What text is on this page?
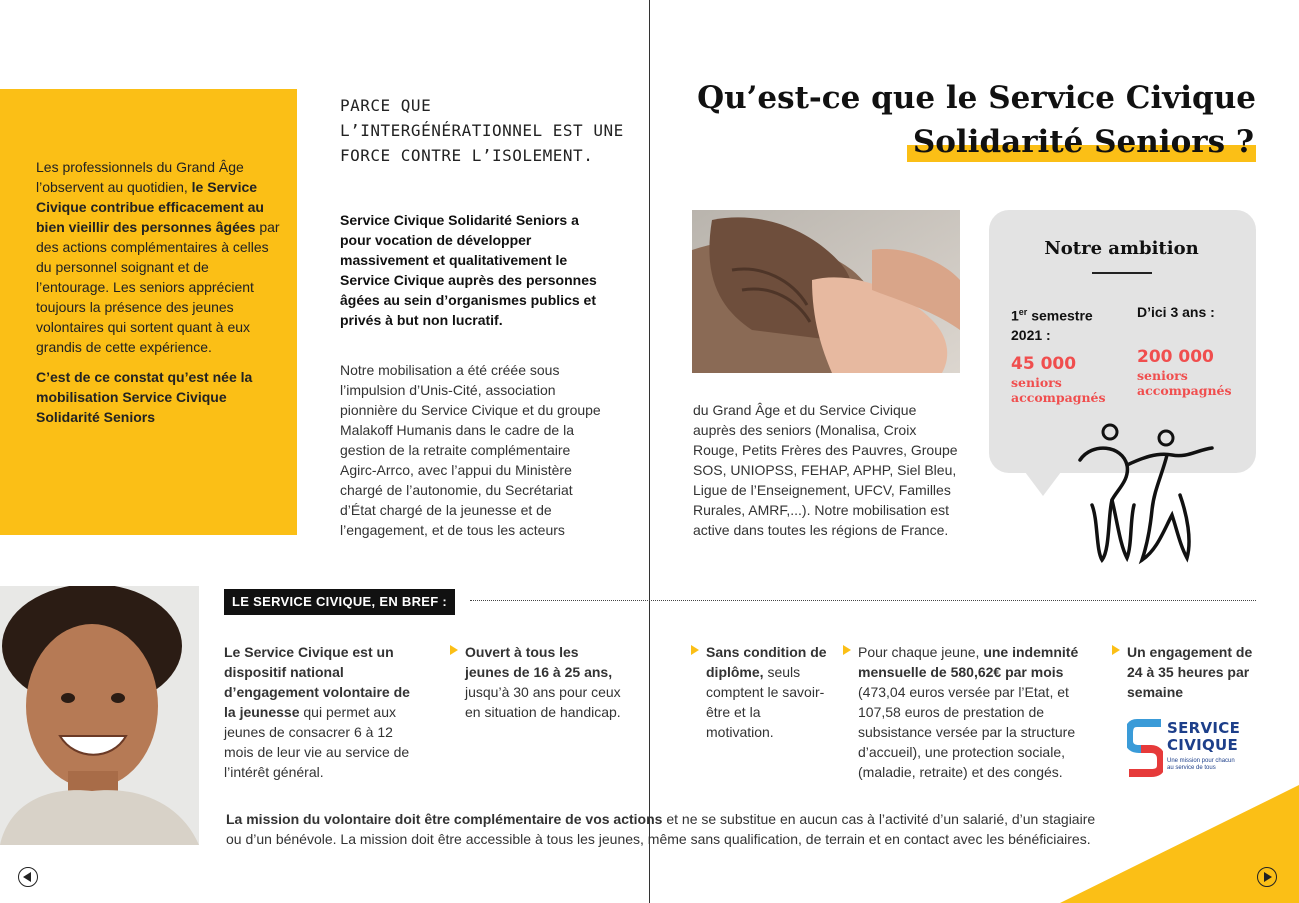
Les professionnels du Grand Âge l’observent au quotidien, le Service Civique contribue efficacement au bien vieillir des personnes âgées par des actions complémentaires à celles du personnel soignant et de l’entourage. Les seniors apprécient toujours la présence des jeunes volontaires qui sortent quant à eux grandis de cette expérience.

C’est de ce constat qu’est née la mobilisation Service Civique Solidarité Seniors

PARCE QUE L’INTERGÉNÉRATIONNEL EST UNE FORCE CONTRE L’ISOLEMENT.
Service Civique Solidarité Seniors a pour vocation de développer massivement et qualitativement le Service Civique auprès des personnes âgées au sein d’organismes publics et privés à but non lucratif.
Notre mobilisation a été créée sous l’impulsion d’Unis-Cité, association pionnière du Service Civique et du groupe Malakoff Humanis dans le cadre de la gestion de la retraite complémentaire Agirc-Arrco, avec l’appui du Ministère chargé de l’autonomie, du Secrétariat d’État chargé de la jeunesse et de l’engagement, et de tous les acteurs
Qu’est-ce que le Service Civique
Solidarité Seniors ?
du Grand Âge et du Service Civique auprès des seniors (Monalisa, Croix Rouge, Petits Frères des Pauvres, Groupe SOS, UNIOPSS, FEHAP, APHP, Siel Bleu, Ligue de l’Enseignement, UFCV, Familles Rurales, AMRF,...). Notre mobilisation est active dans toutes les régions de France.
Notre ambition
1er semestre 2021 :
45 000
seniors accompagnés
D’ici 3 ans :
200 000
seniors accompagnés
LE SERVICE CIVIQUE, EN BREF :
Le Service Civique est un dispositif national d’engagement volontaire de la jeunesse qui permet aux jeunes de consacrer 6 à 12 mois de leur vie au service de l’intérêt général.
Ouvert à tous les jeunes de 16 à 25 ans, jusqu’à 30 ans pour ceux en situation de handicap.
Sans condition de diplôme, seuls comptent le savoir-être et la motivation.
Pour chaque jeune, une indemnité mensuelle de 580,62€ par mois (473,04 euros versée par l’Etat, et 107,58 euros de prestation de subsistance versée par la structure d’accueil), une protection sociale, (maladie, retraite) et des congés.
Un engagement de 24 à 35 heures par semaine
SERVICE
CIVIQUE
Une mission pour chacun au service de tous
La mission du volontaire doit être complémentaire de vos actions et ne se substitue en aucun cas à l’activité d’un salarié, d’un stagiaire ou d’un bénévole. La mission doit être accessible à tous les jeunes, même sans qualification, de terrain et en contact avec les bénéficiaires.
